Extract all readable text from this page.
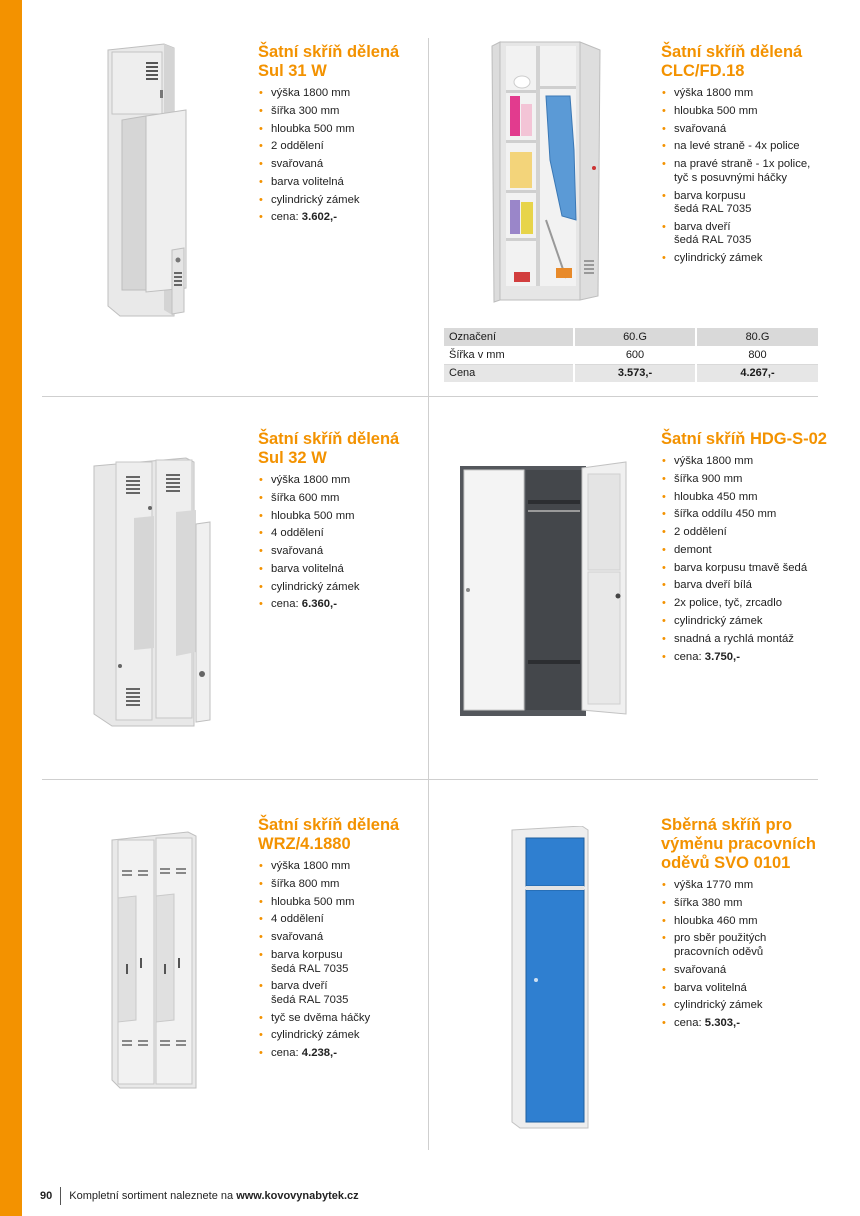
Šatní skříň dělená
Sul 31 W
• výška 1800 mm
• šířka 300 mm
• hloubka 500 mm
• 2 oddělení
• svařovaná
• barva volitelná
• cylindrický zámek
• cena: 3.602,-
Šatní skříň dělená
CLC/FD.18
• výška 1800 mm
• hloubka 500 mm
• svařovaná
• na levé straně - 4x police
• na pravé straně - 1x police,
tyč s posuvnými háčky
• barva korpusu
šedá RAL 7035
• barva dveří
šedá RAL 7035
• cylindrický zámek
Označení	60.G	80.G
Šířka v mm	600	800
Cena	3.573,-	4.267,-
Šatní skříň dělená
Sul 32 W
• výška 1800 mm
• šířka 600 mm
• hloubka 500 mm
• 4 oddělení
• svařovaná
• barva volitelná
• cylindrický zámek
• cena: 6.360,-
Šatní skříň HDG-S-02
• výška 1800 mm
• šířka 900 mm
• hloubka 450 mm
• šířka oddílu 450 mm
• 2 oddělení
• demont
• barva korpusu tmavě šedá
• barva dveří bílá
• 2x police, tyč, zrcadlo
• cylindrický zámek
• snadná a rychlá montáž
• cena: 3.750,-
Šatní skříň dělená
WRZ/4.1880
• výška 1800 mm
• šířka 800 mm
• hloubka 500 mm
• 4 oddělení
• svařovaná
• barva korpusu
šedá RAL 7035
• barva dveří
šedá RAL 7035
• tyč se dvěma háčky
• cylindrický zámek
• cena: 4.238,-
Sběrná skříň pro
výměnu pracovních
oděvů SVO 0101
• výška 1770 mm
• šířka 380 mm
• hloubka 460 mm
• pro sběr použitých
pracovních oděvů
• svařovaná
• barva volitelná
• cylindrický zámek
• cena: 5.303,-
90 Kompletní sortiment naleznete na
www.kovovynabytek.cz
